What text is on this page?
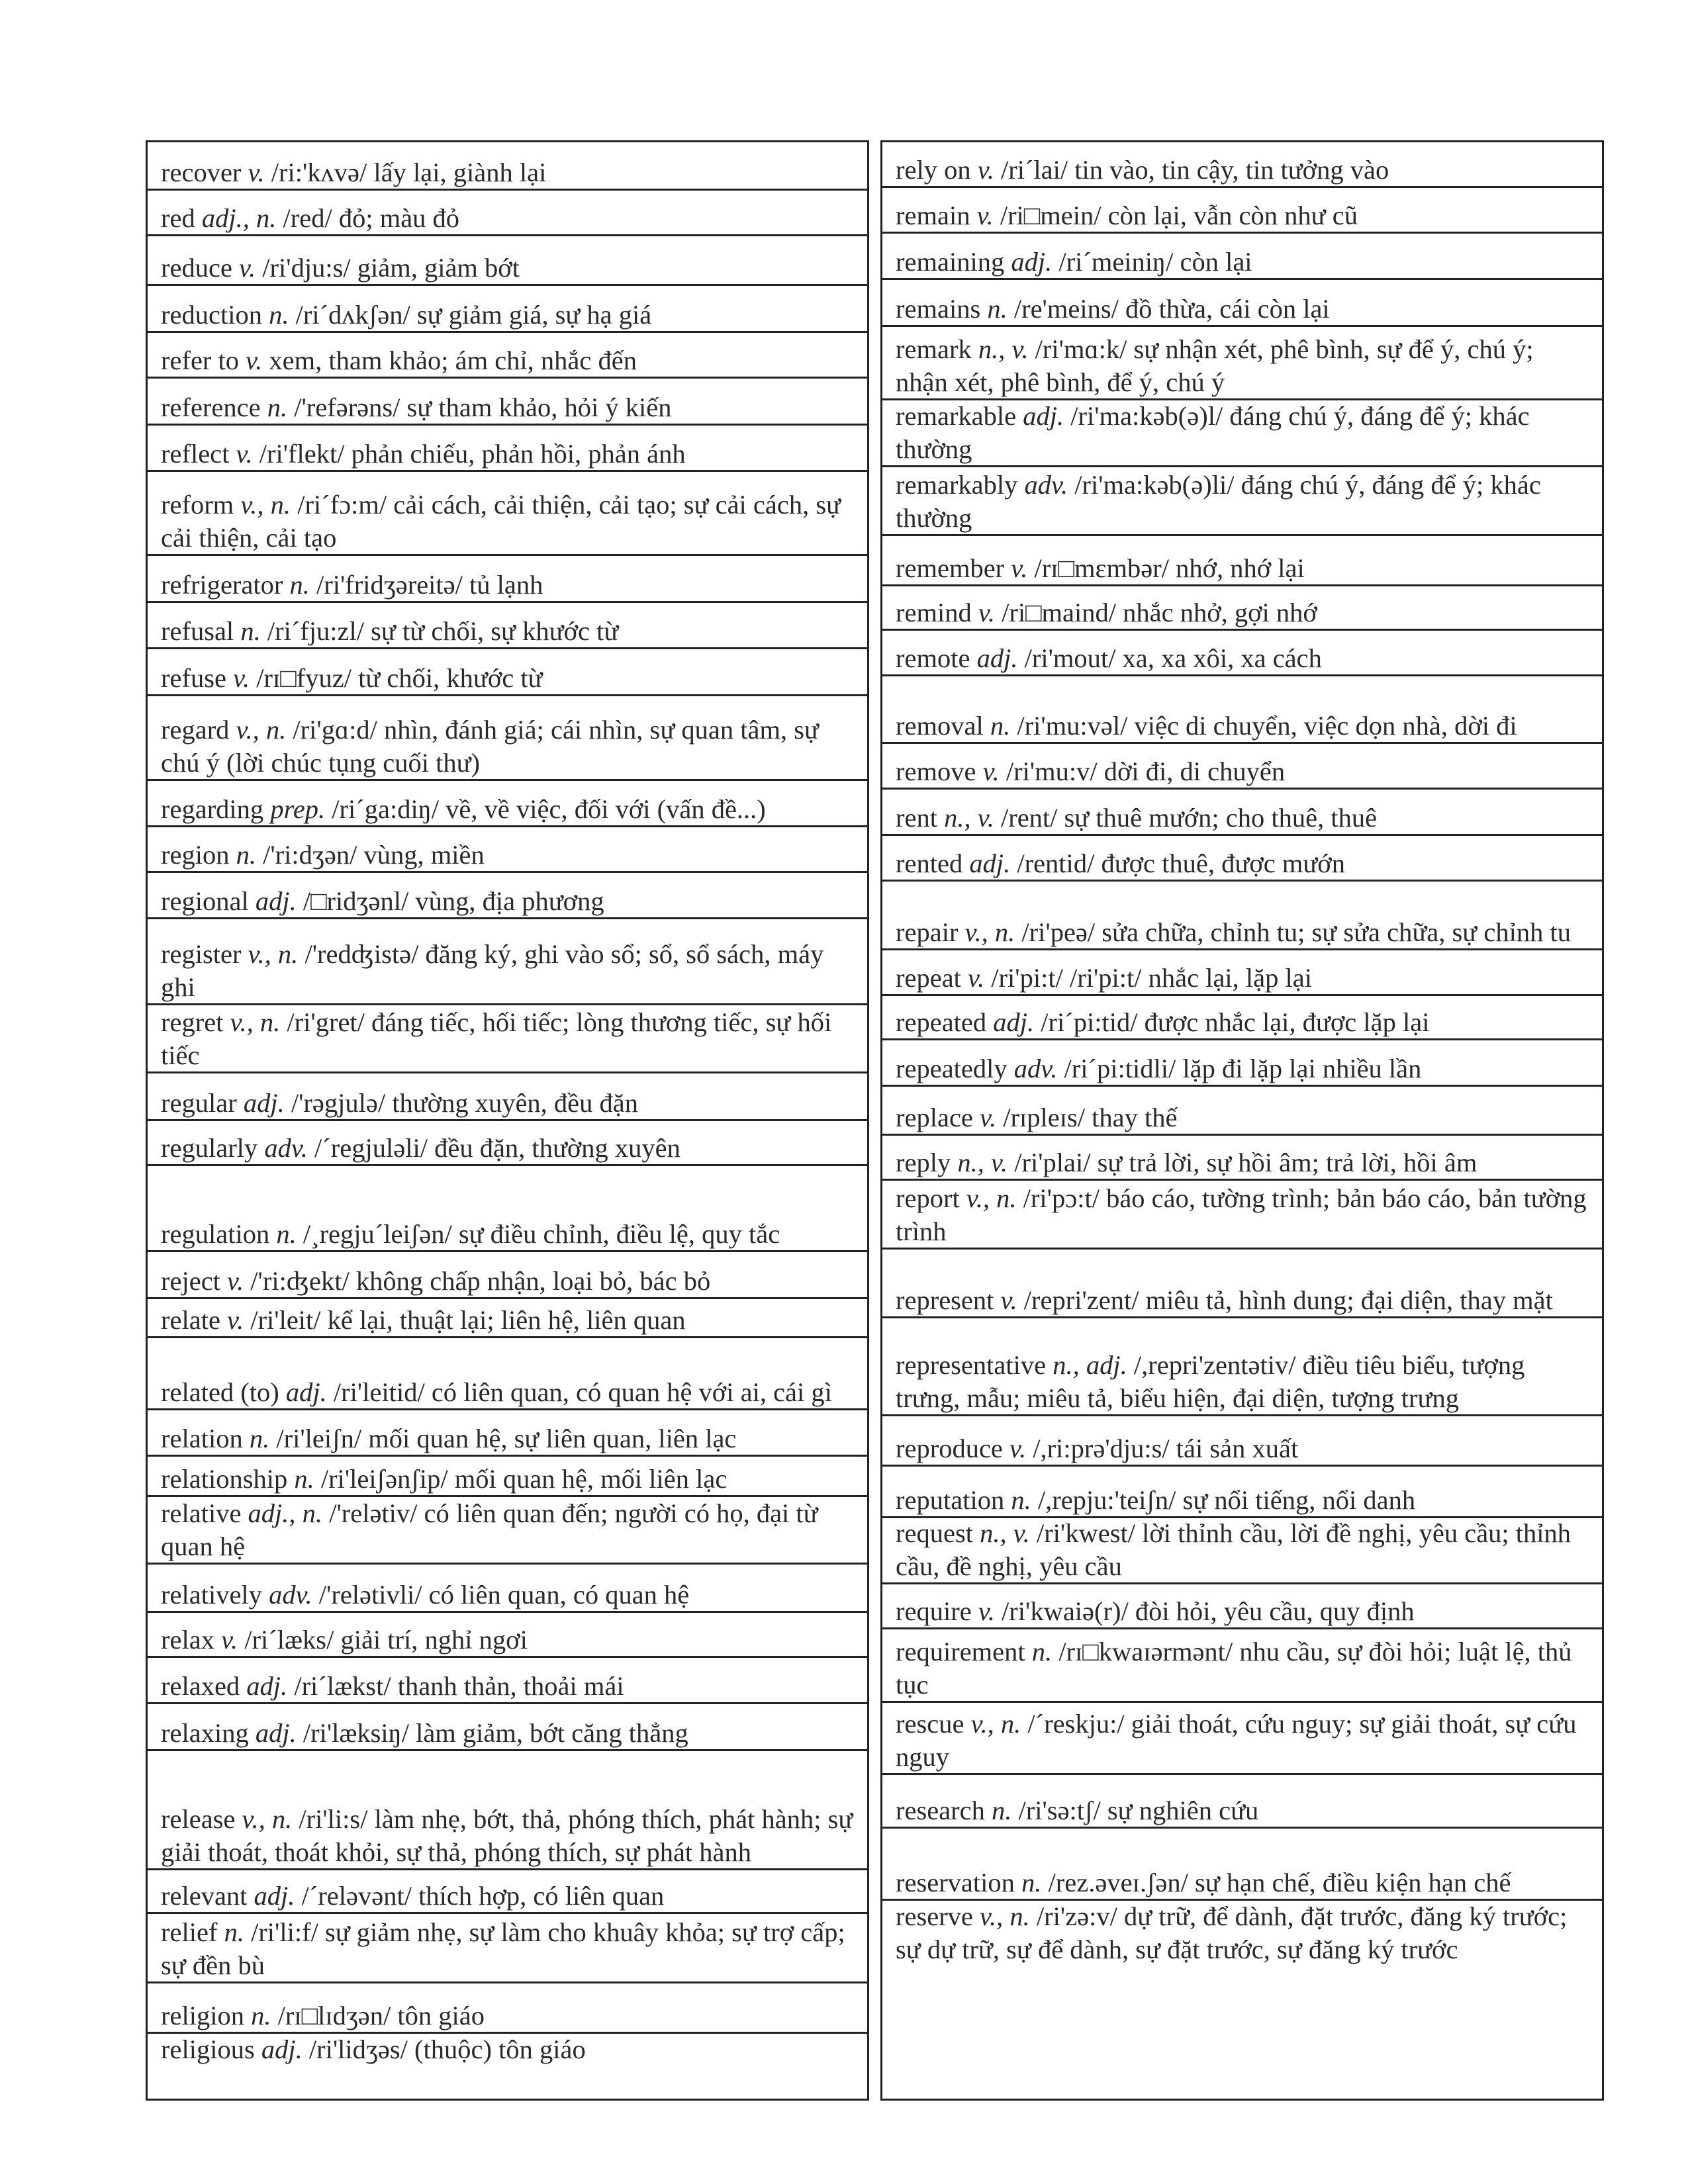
recover v. /ri:'kʌvə/ lấy lại, giành lại
red adj., n. /red/ đỏ; màu đỏ
reduce v. /ri'dju:s/ giảm, giảm bớt
reduction n. /ri´dʌkʃən/ sự giảm giá, sự hạ giá
refer to v. xem, tham khảo; ám chỉ, nhắc đến
reference n. /'refərəns/ sự tham khảo, hỏi ý kiến
reflect v. /ri'flekt/ phản chiếu, phản hồi, phản ánh
reform v., n. /ri´fɔ:m/ cải cách, cải thiện, cải tạo; sự cải cách, sự cải thiện, cải tạo
refrigerator n. /ri'fridʒəreitə/ tủ lạnh
refusal n. /ri´fju:zl/ sự từ chối, sự khước từ
refuse v. /rɪ□fyuz/ từ chối, khước từ
regard v., n. /ri'gɑ:d/ nhìn, đánh giá; cái nhìn, sự quan tâm, sự chú ý (lời chúc tụng cuối thư)
regarding prep. /ri´ga:diŋ/ về, về việc, đối với (vấn đề...)
region n. /'ri:dʒən/ vùng, miền
regional adj. /□ridʒənl/ vùng, địa phương
register v., n. /'redʤistə/ đăng ký, ghi vào sổ; sổ, sổ sách, máy ghi
regret v., n. /ri'gret/ đáng tiếc, hối tiếc; lòng thương tiếc, sự hối tiếc
regular adj. /'rəgjulə/ thường xuyên, đều đặn
regularly adv. /´regjuləli/ đều đặn, thường xuyên
regulation n. /¸regju´leiʃən/ sự điều chỉnh, điều lệ, quy tắc
reject v. /'ri:ʤekt/ không chấp nhận, loại bỏ, bác bỏ
relate v. /ri'leit/ kể lại, thuật lại; liên hệ, liên quan
related (to) adj. /ri'leitid/ có liên quan, có quan hệ với ai, cái gì
relation n. /ri'leiʃn/ mối quan hệ, sự liên quan, liên lạc
relationship n. /ri'leiʃənʃip/ mối quan hệ, mối liên lạc
relative adj., n. /'relətiv/ có liên quan đến; người có họ, đại từ quan hệ
relatively adv. /'relətivli/ có liên quan, có quan hệ
relax v. /ri´læks/ giải trí, nghỉ ngơi
relaxed adj. /ri´lækst/ thanh thản, thoải mái
relaxing adj. /ri'læksiŋ/ làm giảm, bớt căng thẳng
release v., n. /ri'li:s/ làm nhẹ, bớt, thả, phóng thích, phát hành; sự giải thoát, thoát khỏi, sự thả, phóng thích, sự phát hành
relevant adj. /´reləvənt/ thích hợp, có liên quan
relief n. /ri'li:f/ sự giảm nhẹ, sự làm cho khuây khỏa; sự trợ cấp; sự đền bù
religion n. /rɪ□lɪdʒən/ tôn giáo
religious adj. /ri'lidʒəs/ (thuộc) tôn giáo
rely on v. /ri´lai/ tin vào, tin cậy, tin tưởng vào
remain v. /ri□mein/ còn lại, vẫn còn như cũ
remaining adj. /ri´meiniŋ/ còn lại
remains n. /re'meins/ đồ thừa, cái còn lại
remark n., v. /ri'mɑ:k/ sự nhận xét, phê bình, sự để ý, chú ý; nhận xét, phê bình, để ý, chú ý
remarkable adj. /ri'ma:kəb(ə)l/ đáng chú ý, đáng để ý; khác thường
remarkably adv. /ri'ma:kəb(ə)li/ đáng chú ý, đáng để ý; khác thường
remember v. /rɪ□mɛmbər/ nhớ, nhớ lại
remind v. /ri□maind/ nhắc nhở, gợi nhớ
remote adj. /ri'mout/ xa, xa xôi, xa cách
removal n. /ri'mu:vəl/ việc di chuyển, việc dọn nhà, dời đi
remove v. /ri'mu:v/ dời đi, di chuyển
rent n., v. /rent/ sự thuê mướn; cho thuê, thuê
rented adj. /rentid/ được thuê, được mướn
repair v., n. /ri'peə/ sửa chữa, chỉnh tu; sự sửa chữa, sự chỉnh tu
repeat v. /ri'pi:t/ /ri'pi:t/ nhắc lại, lặp lại
repeated adj. /ri´pi:tid/ được nhắc lại, được lặp lại
repeatedly adv. /ri´pi:tidli/ lặp đi lặp lại nhiều lần
replace v. /rɪpleɪs/ thay thế
reply n., v. /ri'plai/ sự trả lời, sự hồi âm; trả lời, hồi âm
report v., n. /ri'pɔ:t/ báo cáo, tường trình; bản báo cáo, bản tường trình
represent v. /repri'zent/ miêu tả, hình dung; đại diện, thay mặt
representative n., adj. /,repri'zentətiv/ điều tiêu biểu, tượng trưng, mẫu; miêu tả, biểu hiện, đại diện, tượng trưng
reproduce v. /,ri:prə'dju:s/ tái sản xuất
reputation n. /,repju:'teiʃn/ sự nổi tiếng, nổi danh
request n., v. /ri'kwest/ lời thỉnh cầu, lời đề nghị, yêu cầu; thỉnh cầu, đề nghị, yêu cầu
require v. /ri'kwaiə(r)/ đòi hỏi, yêu cầu, quy định
requirement n. /rɪ□kwaɪərmənt/ nhu cầu, sự đòi hỏi; luật lệ, thủ tục
rescue v., n. /´reskju:/ giải thoát, cứu nguy; sự giải thoát, sự cứu nguy
research n. /ri'sə:tʃ/ sự nghiên cứu
reservation n. /rez.əveɪ.ʃən/ sự hạn chế, điều kiện hạn chế
reserve v., n. /ri'zə:v/ dự trữ, để dành, đặt trước, đăng ký trước; sự dự trữ, sự để dành, sự đặt trước, sự đăng ký trước
